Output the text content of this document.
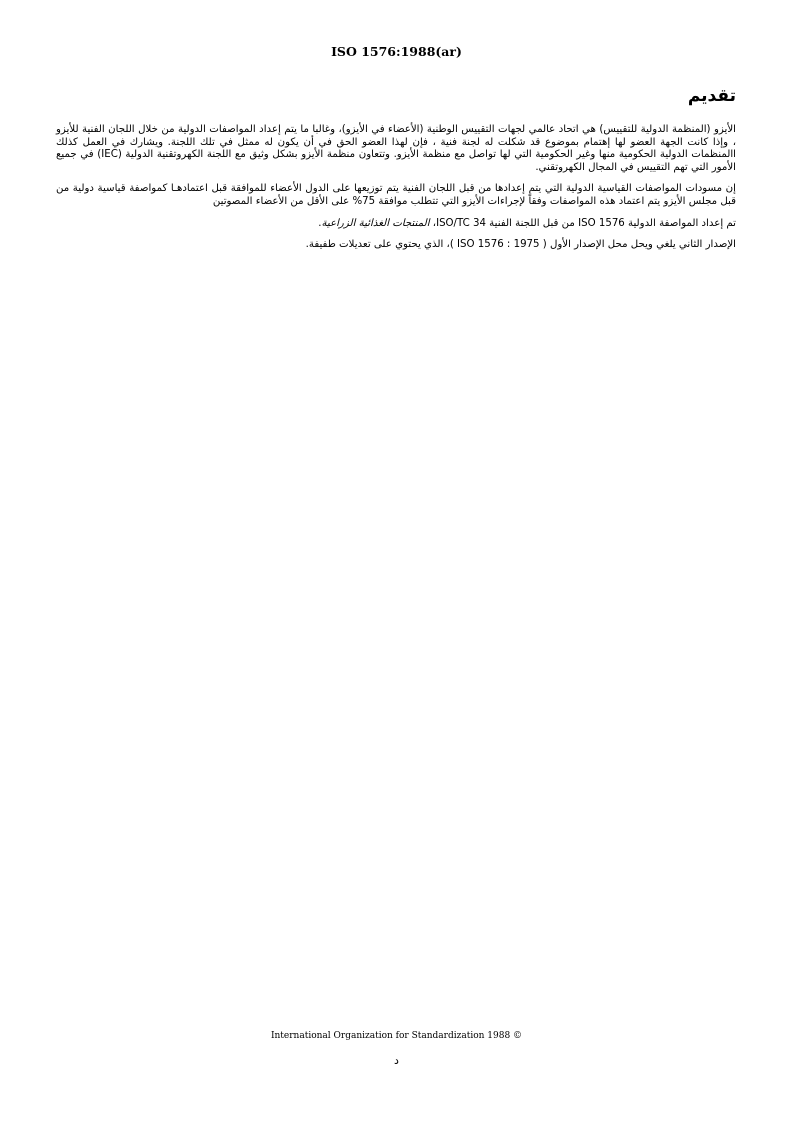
ISO 1576:1988(ar)
تقديم

الأيزو (المنظمة الدولية للتقييس) هي اتحاد عالمي لجهات التقييس الوطنية (الأعضاء في الأيزو)، وغالبا ما يتم إعداد المواصفات الدولية من خلال اللجان الفنية للأيزو ، وإذا كانت الجهة العضو لها إهتمام بموضوع قد شكلت له لجنة فنية ، فإن لهذا العضو الحق في أن يكون له ممثل في تلك اللجنة. ويشارك في العمل كذلك االمنظمات الدولية الحكومية منها وغير الحكومية التي لها تواصل مع منظمة الأيزو. وتتعاون منظمة الأيزو بشكل وثيق مع اللجنة الكهروتقنية الدولية (IEC) في جميع الأمور التي تهم التقييس في المجال الكهروتقني.

إن مسودات المواصفات القياسية الدولية التي يتم إعدادها من قبل اللجان الفنية يتم توزيعها على الدول الأعضاء للموافقة قبل اعتمادهـا كمواصفة قياسية دولية من قبل مجلس الأيزو يتم اعتماد هذه المواصفات وفقاً لإجراءات الأيزو التي تتطلب موافقة 75% على الأقل من الأعضاء المصوتين

تم إعداد المواصفة الدولية ISO 1576 من قبل اللجنة الفنية ISO/TC 34، المنتجات الغذائية الزراعية.

الإصدار الثاني يلغي ويحل محل الإصدار الأول ( ISO 1576 : 1975 )، الذي يحتوي على تعديلات طفيفة.

International Organization for Standardization 1988 ©
د
